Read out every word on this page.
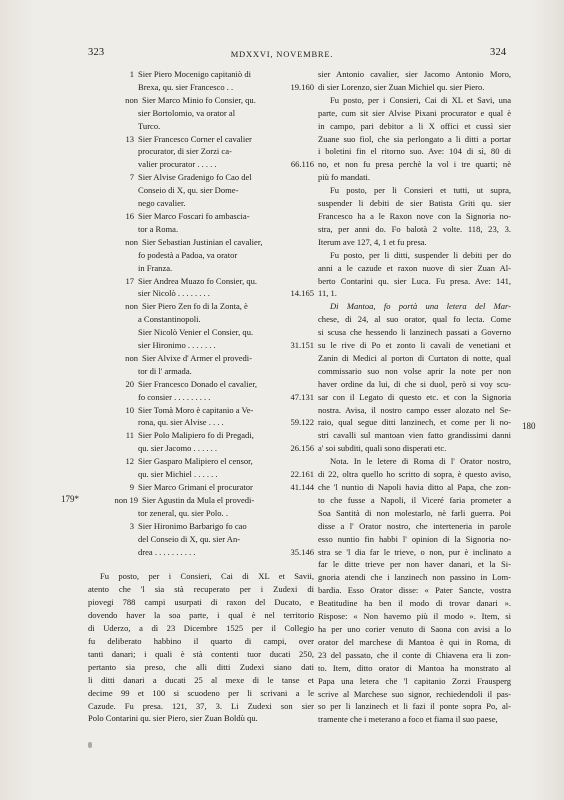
323	MDXXVI, NOVEMBRE.	324
179*
180
1 Sier Piero Mocenigo capitaniò di
Brexa, qu. sier Francesco . .	19.160
non Sier Marco Minio fo Consier, qu.
sier Bortolomio, va orator al
Turco.
13 Sier Francesco Corner el cavalier
procurator, di sier Zorzi ca-
valier procurator . . . . .	66.116
7 Sier Alvise Gradenigo fo Cao del
Conseio di X, qu. sier Dome-
nego cavalier.
16 Sier Marco Foscari fo ambascia-
tor a Roma.
non Sier Sebastian Justinian el cavalier,
fo podestà a Padoa, va orator
in Franza.
17 Sier Andrea Muazo fo Consier, qu.
sier Nicolò . . . . . . . .	14.165
non Sier Piero Zen fo di la Zonta, è
a Constantinopoli.
Sier Nicolò Venier el Consier, qu.
sier Hironimo . . . . . . .	31.151
non Sier Alvixe d' Armer el provedi-
tor di l' armada.
20 Sier Francesco Donado el cavalier,
fo consier . . . . . . . . .	47.131
10 Sier Tomà Moro è capitanio a Ve-
rona, qu. sier Alvise . . . .	59.122
11 Sier Polo Malipiero fo di Pregadi,
qu. sier Jacomo . . . . . .	26.156
12 Sier Gasparo Malipiero el censor,
qu. sier Michiel . . . . . .	22.161
9 Sier Marco Grimani el procurator	41.144
non 19 Sier Agustin da Mula el provedi-
tor zeneral, qu. sier Polo. .
3 Sier Hironimo Barbarigo fo cao
del Conseio di X, qu. sier An-
drea . . . . . . . . . .	35.146
Fu posto, per i Consieri, Cai di XL et Savii,
atento che 'l sia stà recuperato per i Zudexi di
piovegi 788 campi usurpati di raxon del Ducato, e
dovendo haver la soa parte, i qual è nel territorio
di Uderzo, a dì 23 Dicembre 1525 per il Collegio
fu deliberato habbino il quarto di campi, over
tanti danari; i quali è stà contenti tuor ducati 250,
pertanto sia preso, che alli ditti Zudexi siano dati
li ditti danari a ducati 25 al mexe di le tanse et
decime 99 et 100 si scuodeno per li scrivani a le
Cazude. Fu presa. 121, 37, 3. Li Zudexi son sier
Polo Contarini qu. sier Piero, sier Zuan Boldù qu.
sier Antonio cavalier, sier Jacomo Antonio Moro,
di sier Lorenzo, sier Zuan Michiel qu. sier Piero.
Fu posto, per i Consieri, Cai di XL et Savi, una
parte, cum sit sier Alvise Pixani procurator e qual è
in campo, pari debitor a li X offici et cussì sier
Zuane suo fiol, che sia perlongato a li ditti a portar
i boletini fin el ritorno suo. Ave: 104 di sì, 80 di
no, et non fu presa perchè la vol i tre quarti; nè
più fo mandati.
Fu posto, per li Consieri et tutti, ut supra,
suspender li debiti de sier Batista Griti qu. sier
Francesco ha a le Raxon nove con la Signoria no-
stra, per anni do. Fo balotà 2 volte. 118, 23, 3.
Iterum ave 127, 4, 1 et fu presa.
Fu posto, per li ditti, suspender li debiti per do
anni a le cazude et raxon nuove di sier Zuan Al-
berto Contarini qu. sier Luca. Fu presa. Ave: 141,
11, 1.
Di Mantoa, fo portà una letera del Mar-
chese, di 24, al suo orator, qual fo lecta. Come
si scusa che hessendo li lanzinech passati a Governo
su le rive di Po et zonto li cavali de venetiani et
Zanin di Medici al porton di Curtaton di notte, qual
commissario suo non volse aprir la note per non
haver ordine da lui, di che si duol, però si voy scu-
sar con il Legato di questo etc. et con la Signoria
nostra. Avisa, il nostro campo esser alozato nel Se-
raio, qual segue ditti lanzinech, et come per li no-
stri cavalli sul mantoan vien fatto grandissimi danni
a' soi subditi, quali sono disperati etc.
Nota. In le letere di Roma di l' Orator nostro,
di 22, oltra quello ho scritto di sopra, è questo aviso,
che 'l nuntio di Napoli havia ditto al Papa, che zon-
to che fusse a Napoli, il Viceré faria prometer a
Soa Santità di non molestarlo, nè farli guerra. Poi
disse a l' Orator nostro, che interteneria in parole
esso nuntio fin habbi l' opinion di la Signoria no-
stra se 'l dia far le trieve, o non, pur è inclinato a
far le ditte trieve per non haver danari, et la Si-
gnoria atendi che i lanzinech non passino in Lom-
bardia. Esso Orator disse: « Pater Sancte, vostra
Beatitudine ha ben il modo di trovar danari ».
Rispose: « Non havemo più il modo ». Item, si
ha per uno corier venuto di Saona con avisi a lo
orator del marchese di Mantoa è qui in Roma, di
23 del passato, che il conte di Chiavena era li zon-
to. Item, ditto orator di Mantoa ha monstrato al
Papa una letera che 'l capitanio Zorzi Frausperg
scrive al Marchese suo signor, rechiedendoli il pas-
so per li lanzinech et li fazi il ponte sopra Po, al-
tramente che i meterano a foco et fiama il suo paese,
